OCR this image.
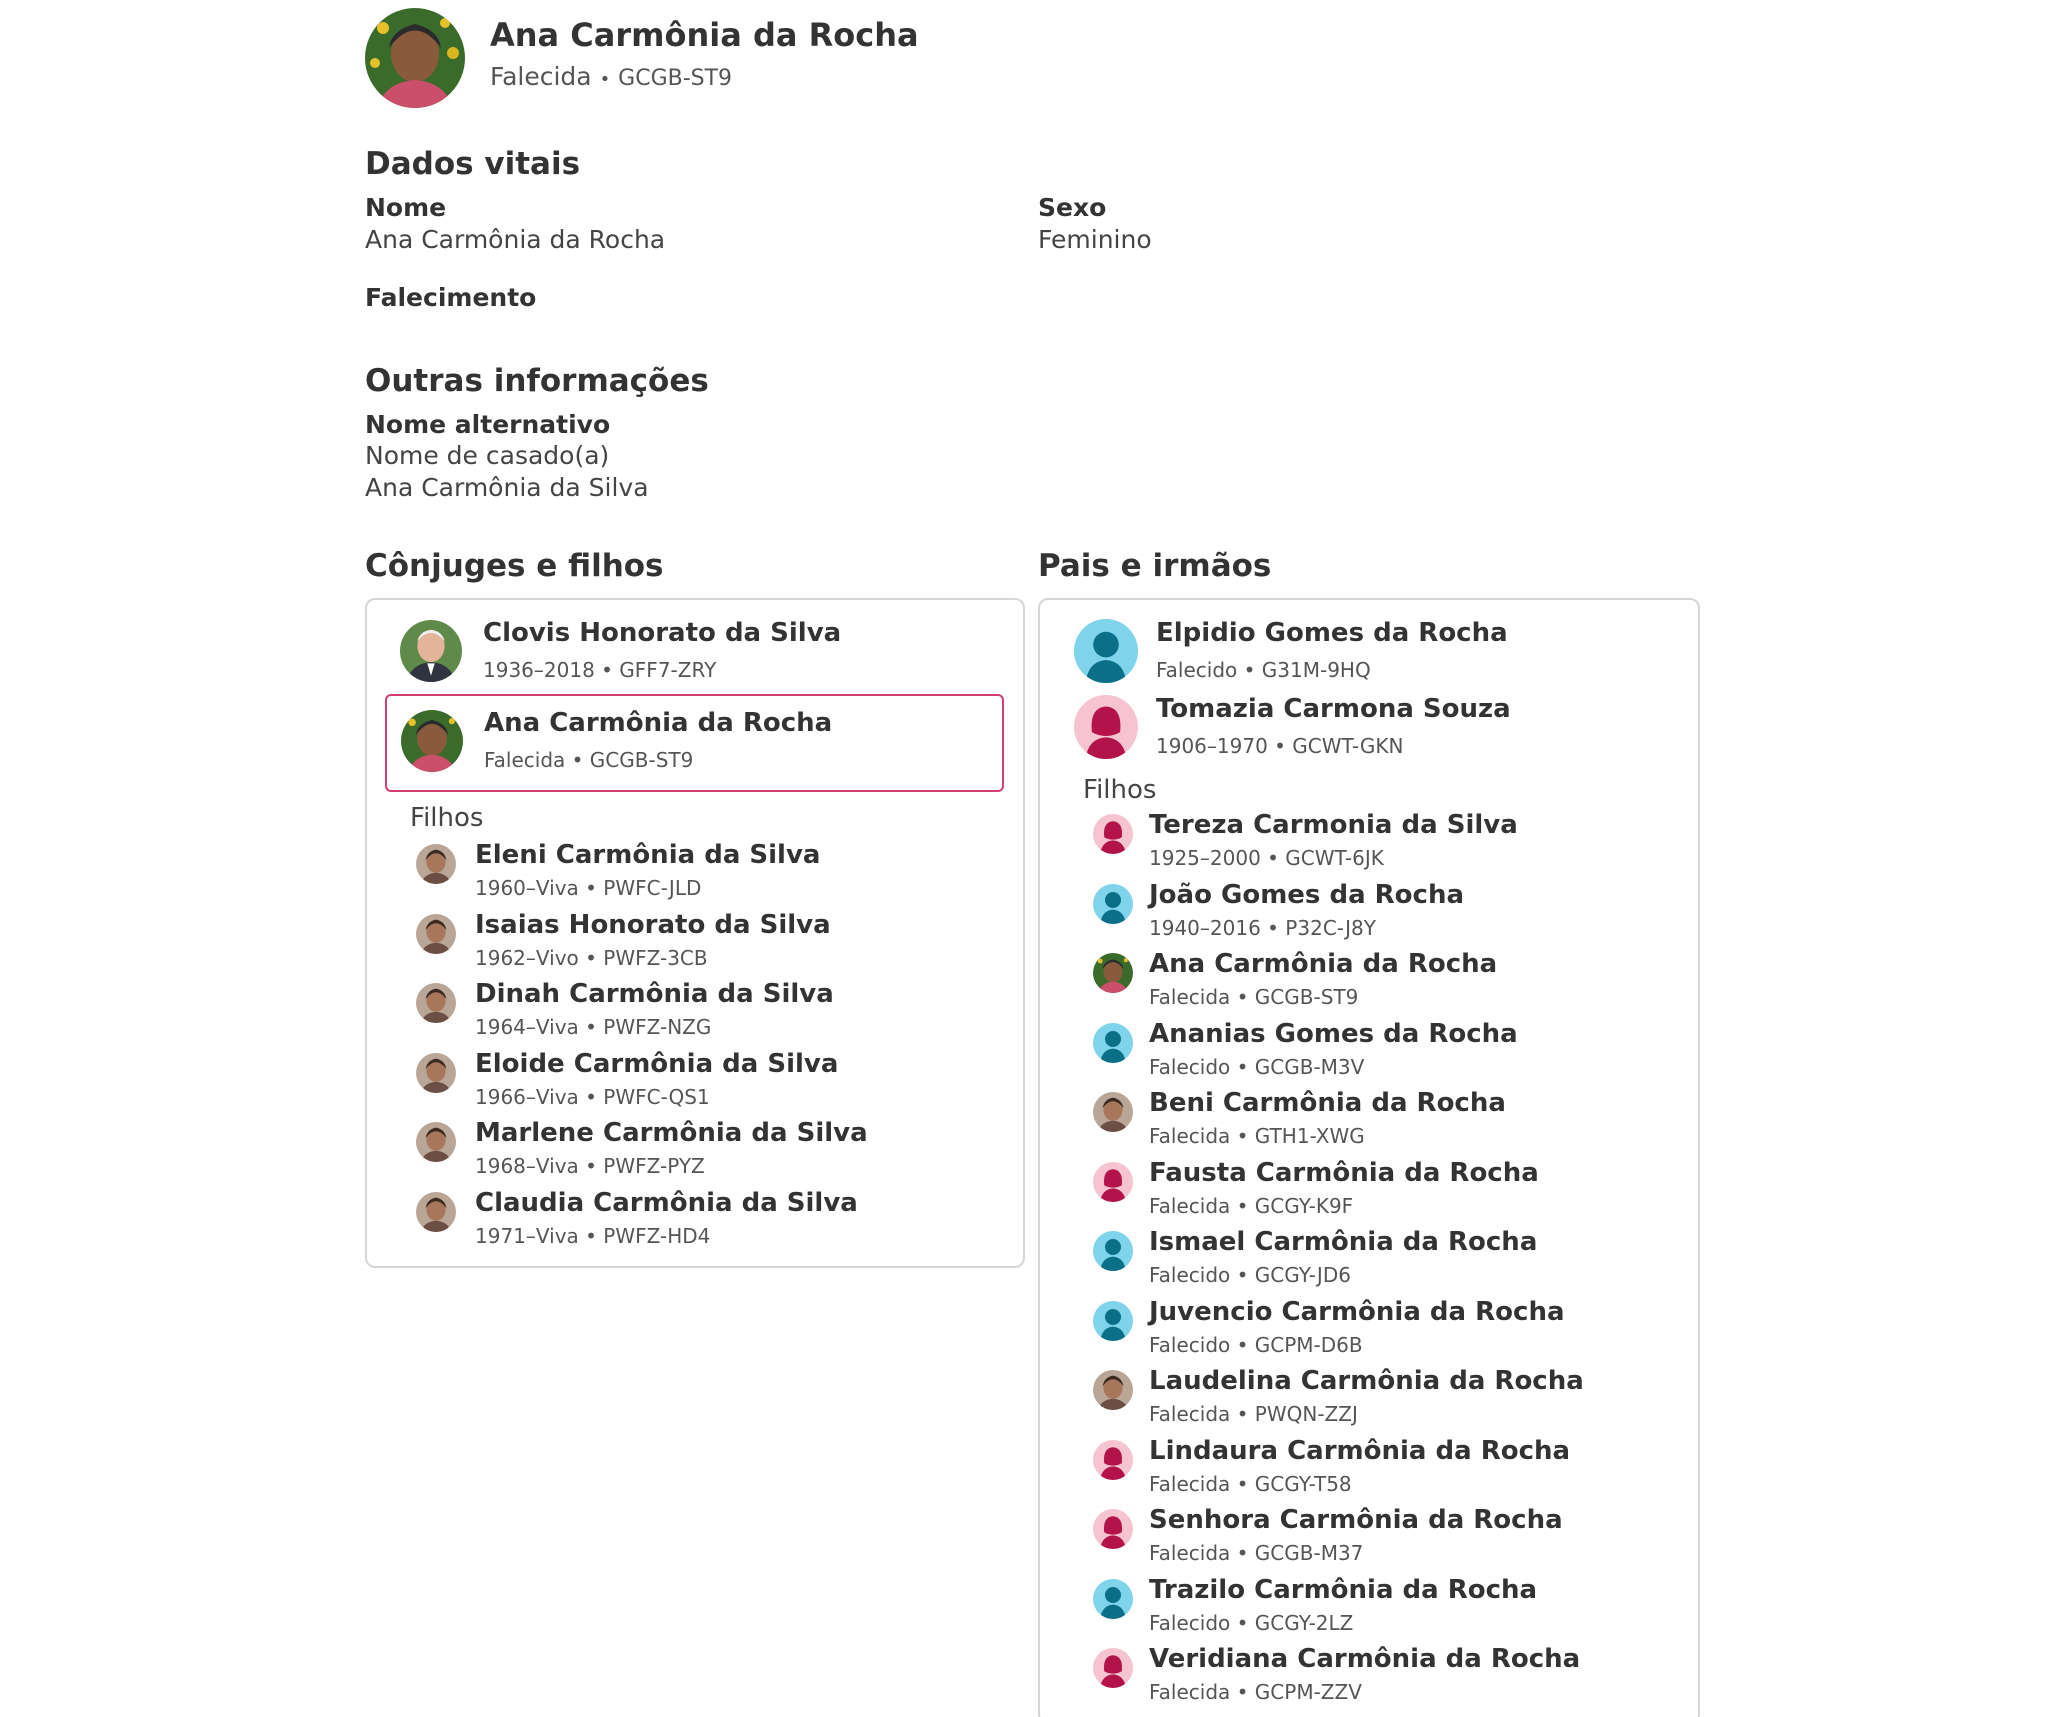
Ana Carmônia da Rocha
Falecida • GCGB-ST9
Dados vitais
Nome
Ana Carmônia da Rocha
Sexo
Feminino
Falecimento
Outras informações
Nome alternativo
Nome de casado(a)
Ana Carmônia da Silva
Cônjuges e filhos	Pais e irmãos
Clovis Honorato da Silva
1936–2018 • GFF7-ZRY
Ana Carmônia da Rocha
Falecida • GCGB-ST9
Eleni Carmônia da Silva
1960–Viva • PWFC-JLD
Isaias Honorato da Silva
1962–Vivo • PWFZ-3CB
Dinah Carmônia da Silva
1964–Viva • PWFZ-NZG
Eloide Carmônia da Silva
1966–Viva • PWFC-QS1
Marlene Carmônia da Silva
1968–Viva • PWFZ-PYZ
Claudia Carmônia da Silva
1971–Viva • PWFZ-HD4
Elpidio Gomes da Rocha
Falecido • G31M-9HQ
Tomazia Carmona Souza
1906–1970 • GCWT-GKN
Tereza Carmonia da Silva
1925–2000 • GCWT-6JK
João Gomes da Rocha
1940–2016 • P32C-J8Y
Ana Carmônia da Rocha
Falecida • GCGB-ST9
Ananias Gomes da Rocha
Falecido • GCGB-M3V
Beni Carmônia da Rocha
Falecida • GTH1-XWG
Fausta Carmônia da Rocha
Falecida • GCGY-K9F
Ismael Carmônia da Rocha
Falecido • GCGY-JD6
Juvencio Carmônia da Rocha
Falecido • GCPM-D6B
Laudelina Carmônia da Rocha
Falecida • PWQN-ZZJ
Lindaura Carmônia da Rocha
Falecida • GCGY-T58
Senhora Carmônia da Rocha
Falecida • GCGB-M37
Trazilo Carmônia da Rocha
Falecido • GCGY-2LZ
Veridiana Carmônia da Rocha
Falecida • GCPM-ZZV
Filhos
Filhos
